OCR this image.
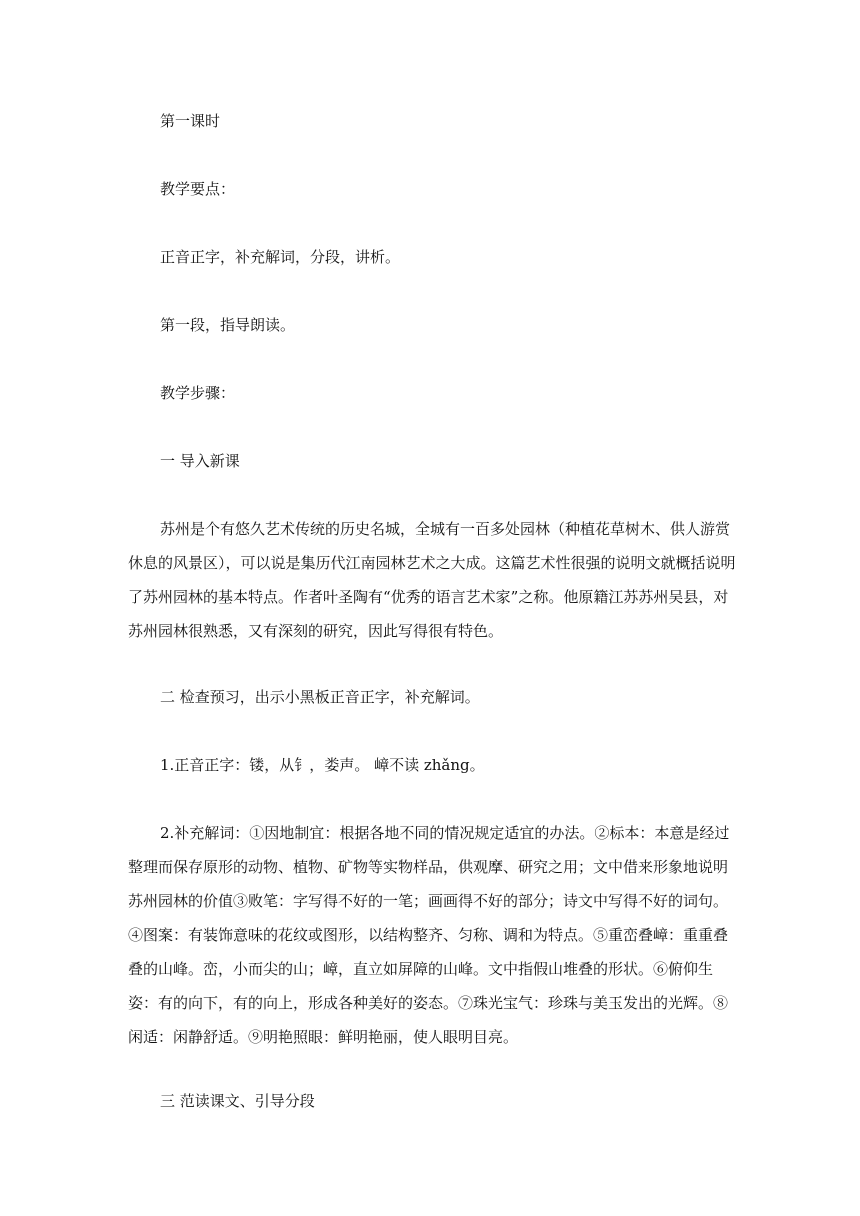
第一课时

教学要点：

正音正字，补充解词，分段，讲析。

第一段，指导朗读。

教学步骤：

一 导入新课

苏州是个有悠久艺术传统的历史名城，全城有一百多处园林（种植花草树木、供人游赏休息的风景区），可以说是集历代江南园林艺术之大成。这篇艺术性很强的说明文就概括说明了苏州园林的基本特点。作者叶圣陶有“优秀的语言艺术家”之称。他原籍江苏苏州吴县，对苏州园林很熟悉，又有深刻的研究，因此写得很有特色。

二 检查预习，出示小黑板正音正字，补充解词。

1.正音正字：镂，从钅，娄声。 嶂不读 zhǎng。

2.补充解词：①因地制宜：根据各地不同的情况规定适宜的办法。②标本：本意是经过整理而保存原形的动物、植物、矿物等实物样品，供观摩、研究之用；文中借来形象地说明苏州园林的价值③败笔：字写得不好的一笔；画画得不好的部分；诗文中写得不好的词句。④图案：有装饰意味的花纹或图形，以结构整齐、匀称、调和为特点。⑤重峦叠嶂：重重叠叠的山峰。峦，小而尖的山；嶂，直立如屏障的山峰。文中指假山堆叠的形状。⑥俯仰生姿：有的向下，有的向上，形成各种美好的姿态。⑦珠光宝气：珍珠与美玉发出的光辉。⑧闲适：闲静舒适。⑨明艳照眼：鲜明艳丽，使人眼明目亮。

三 范读课文、引导分段
